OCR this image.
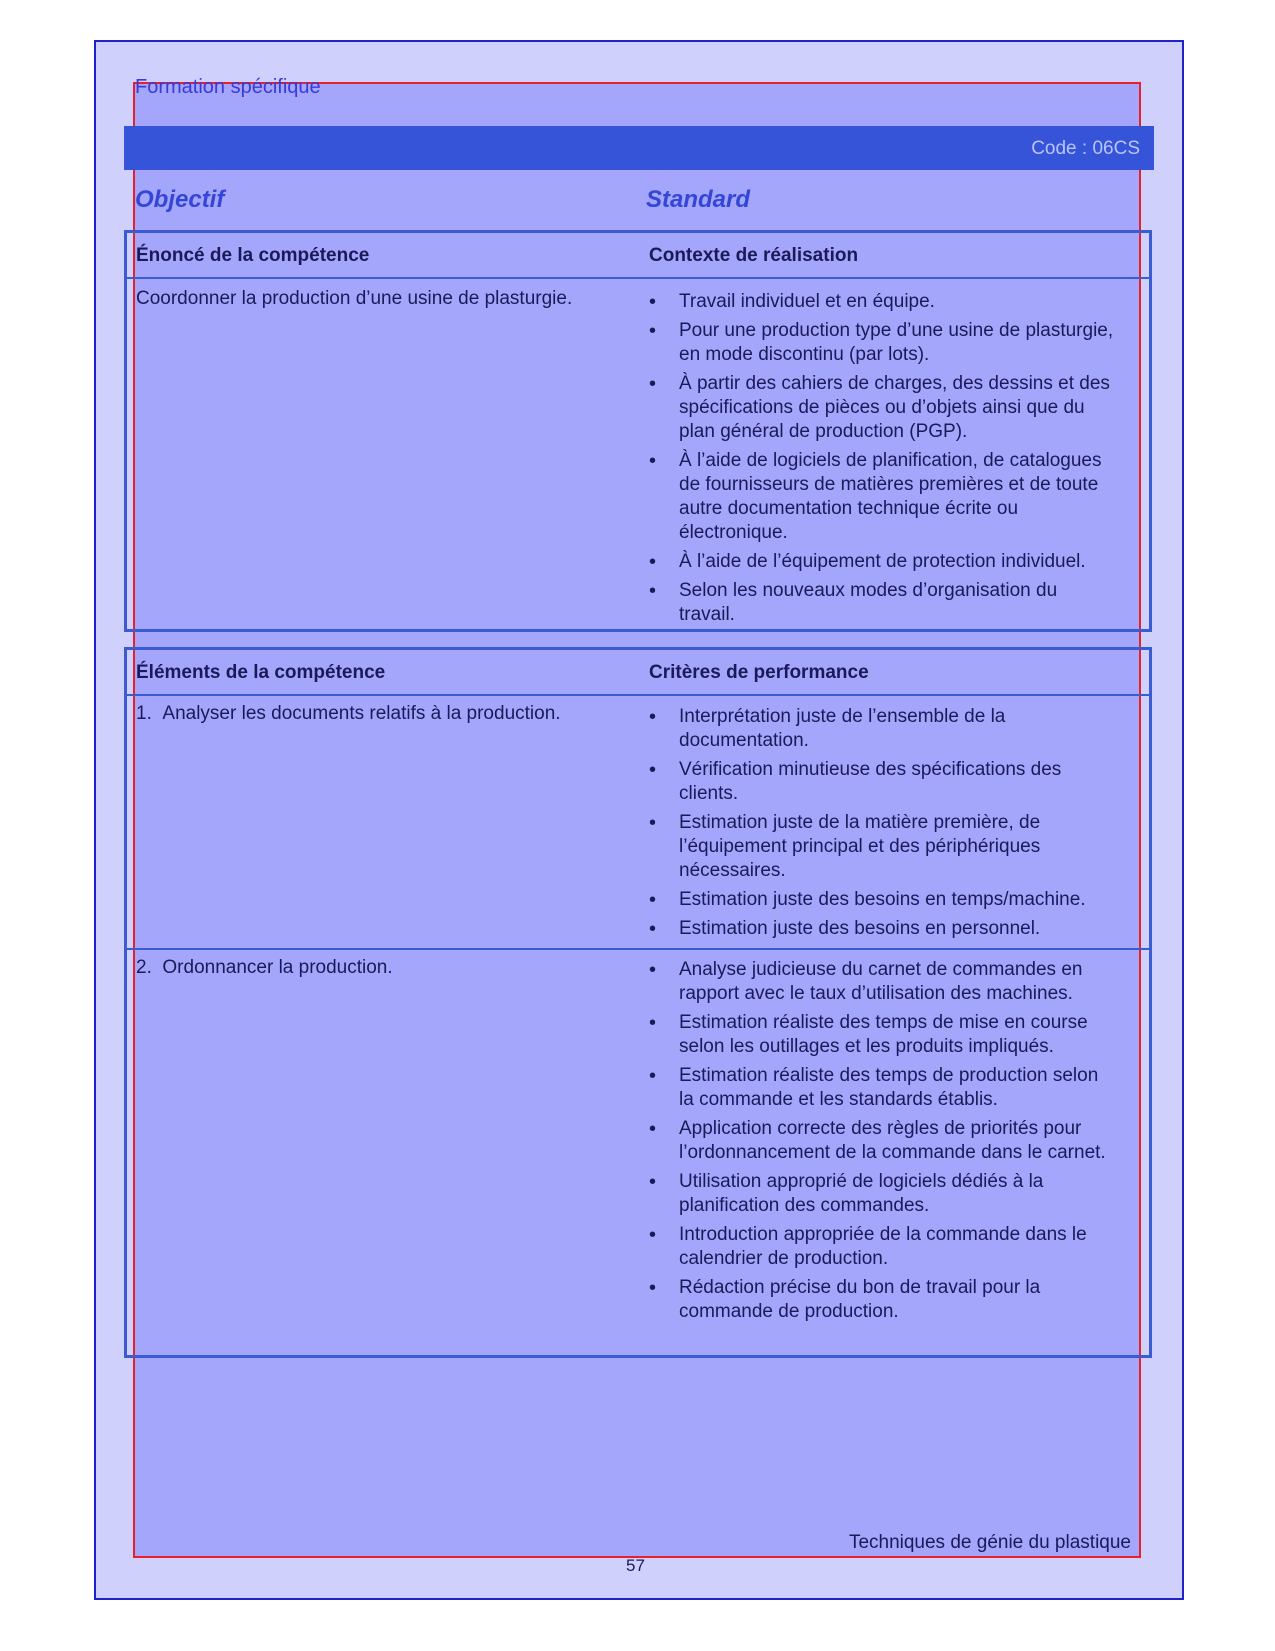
Formation spécifique
Code : 06CS
Objectif	Standard
Énoncé de la compétence	Contexte de réalisation
Coordonner la production d’une usine de plasturgie.	• Travail individuel et en équipe.
• Pour une production type d’une usine de plasturgie, en mode discontinu (par lots).
• À partir des cahiers de charges, des dessins et des spécifications de pièces ou d’objets ainsi que du plan général de production (PGP).
• À l’aide de logiciels de planification, de catalogues de fournisseurs de matières premières et de toute autre documentation technique écrite ou électronique.
• À l’aide de l’équipement de protection individuel.
• Selon les nouveaux modes d’organisation du travail.
Éléments de la compétence	Critères de performance
1.  Analyser les documents relatifs à la production.	• Interprétation juste de l’ensemble de la documentation.
• Vérification minutieuse des spécifications des clients.
• Estimation juste de la matière première, de l’équipement principal et des périphériques nécessaires.
• Estimation juste des besoins en temps/machine.
• Estimation juste des besoins en personnel.
2.  Ordonnancer la production.	• Analyse judicieuse du carnet de commandes en rapport avec le taux d’utilisation des machines.
• Estimation réaliste des temps de mise en course selon les outillages et les produits impliqués.
• Estimation réaliste des temps de production selon la commande et les standards établis.
• Application correcte des règles de priorités pour l’ordonnancement de la commande dans le carnet.
• Utilisation approprié de logiciels dédiés à la planification des commandes.
• Introduction appropriée de la commande dans le calendrier de production.
• Rédaction précise du bon de travail pour la commande de production.
Techniques de génie du plastique
57
